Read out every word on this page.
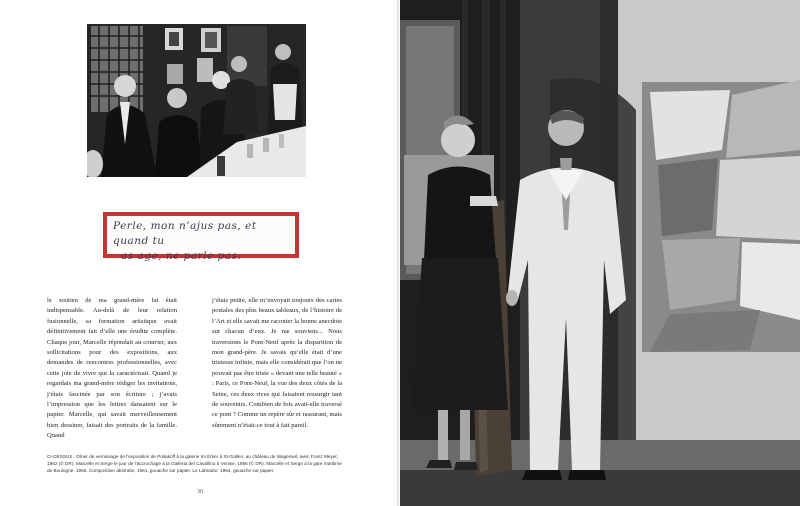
Perle, mon n’ajus pas, et quand tu
as age, ne parle pas.
le soutien de ma grand-mère lui était indispensable. Au-delà de leur relation fusionnelle, sa formation artistique avait définitivement fait d’elle une érudite complète. Chaque jour, Marcelle répondait au courrier, aux sollicitations pour des expositions, aux demandes de rencontres professionnelles, avec cette joie de vivre qui la caractérisait. Quand je regardais ma grand-mère rédiger les invitations, j’étais fascinée par son écriture ; j’avais l’impression que les lettres dansaient sur le papier. Marcelle, qui savait merveilleusement bien dessiner, faisait des portraits de la famille. Quand
j’étais petite, elle m’envoyait toujours des cartes postales des plus beaux tableaux, de l’histoire de l’Art et elle savait me raconter la bonne anecdote sur chacun d’eux. Je me souviens... Nous traversions le Pont-Neuf après la disparition de mon grand-père. Je savais qu’elle était d’une tristesse infinie, mais elle considérait que l’on ne pouvait pas être triste « devant une telle beauté » : Paris, ce Pont-Neuf, la vue des deux côtés de la Seine, ces deux rives qui faisaient ressurgir tant de souvenirs. Combien de fois avait-elle traversé ce pont ? Comme un repère sûr et rassurant, mais sûrement n’était-ce tout à fait pareil.
CI-DESSUS : Dîner de vernissage de l’exposition de Poliakoff à la galerie Im Erker à St-Gallen, au château de Wagenwil, avec Franz Meyer, 1962 (© DR). Marcelle et Serge le jour de l’accrochage à la Galleria del Cavallino à Venise, 1956 (© DR). Marcelle et Serge à la gare maritime de Boulogne, 1956. Composition abstraite, 1961, gouache sur papier. Le Labrador, 1964, gouache sur papier.
30
